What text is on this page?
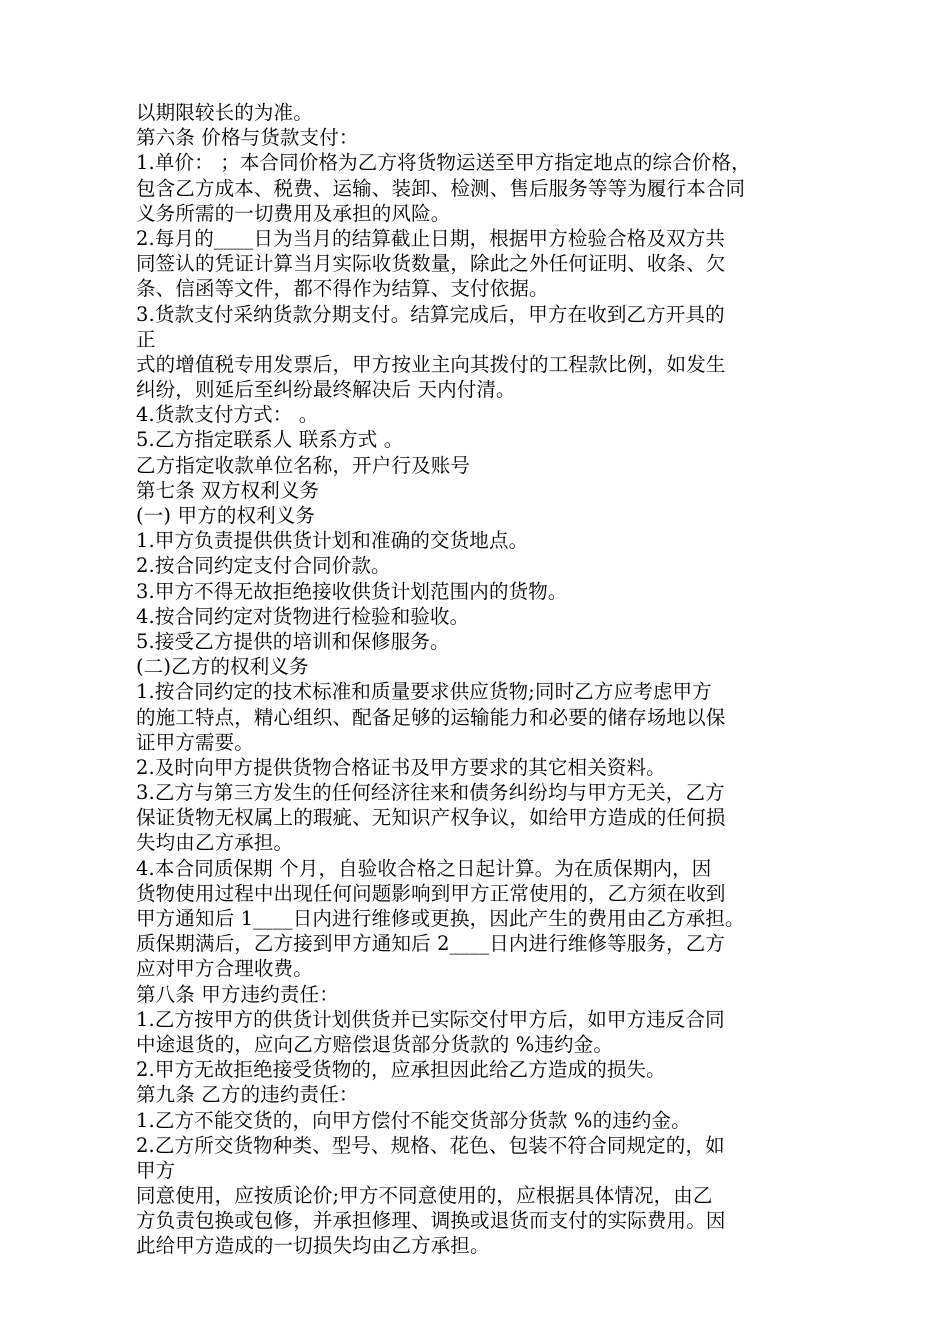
以期限较长的为准。
第六条 价格与货款支付：
1.单价： ；本合同价格为乙方将货物运送至甲方指定地点的综合价格，
包含乙方成本、税费、运输、装卸、检测、售后服务等等为履行本合同
义务所需的一切费用及承担的风险。
2.每月的____日为当月的结算截止日期，根据甲方检验合格及双方共
同签认的凭证计算当月实际收货数量，除此之外任何证明、收条、欠
条、信函等文件，都不得作为结算、支付依据。
3.货款支付采纳货款分期支付。结算完成后，甲方在收到乙方开具的
正
式的增值税专用发票后，甲方按业主向其拨付的工程款比例，如发生
纠纷，则延后至纠纷最终解决后 天内付清。
4.货款支付方式： 。
5.乙方指定联系人 联系方式 。
乙方指定收款单位名称，开户行及账号
第七条 双方权利义务
(一) 甲方的权利义务
1.甲方负责提供供货计划和准确的交货地点。
2.按合同约定支付合同价款。
3.甲方不得无故拒绝接收供货计划范围内的货物。
4.按合同约定对货物进行检验和验收。
5.接受乙方提供的培训和保修服务。
(二)乙方的权利义务
1.按合同约定的技术标准和质量要求供应货物;同时乙方应考虑甲方
的施工特点，精心组织、配备足够的运输能力和必要的储存场地以保
证甲方需要。
2.及时向甲方提供货物合格证书及甲方要求的其它相关资料。
3.乙方与第三方发生的任何经济往来和债务纠纷均与甲方无关，乙方
保证货物无权属上的瑕疵、无知识产权争议，如给甲方造成的任何损
失均由乙方承担。
4.本合同质保期 个月，自验收合格之日起计算。为在质保期内，因
货物使用过程中出现任何问题影响到甲方正常使用的，乙方须在收到
甲方通知后 1____日内进行维修或更换，因此产生的费用由乙方承担。
质保期满后，乙方接到甲方通知后 2____日内进行维修等服务，乙方
应对甲方合理收费。
第八条 甲方违约责任：
1.乙方按甲方的供货计划供货并已实际交付甲方后，如甲方违反合同
中途退货的，应向乙方赔偿退货部分货款的 %违约金。
2.甲方无故拒绝接受货物的，应承担因此给乙方造成的损失。
第九条 乙方的违约责任：
1.乙方不能交货的，向甲方偿付不能交货部分货款 %的违约金。
2.乙方所交货物种类、型号、规格、花色、包装不符合同规定的，如
甲方
同意使用，应按质论价;甲方不同意使用的，应根据具体情况，由乙
方负责包换或包修，并承担修理、调换或退货而支付的实际费用。因
此给甲方造成的一切损失均由乙方承担。
